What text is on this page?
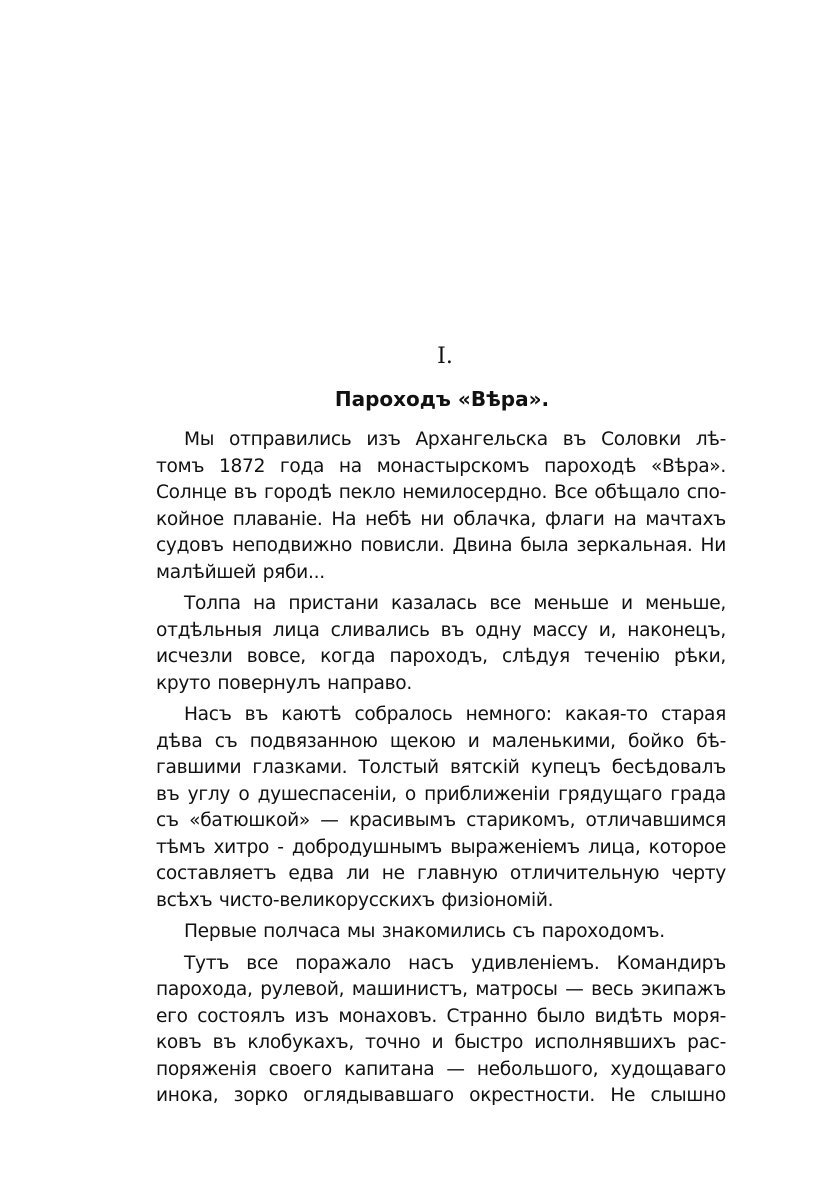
I.
Пароходъ «Вѣра».
Мы отправились изъ Архангельска въ Соловки лѣ-
томъ 1872 года на монастырскомъ пароходѣ «Вѣра».
Солнце въ городѣ пекло немилосердно. Все обѣщало спо-
койное плаваніе. На небѣ ни облачка, флаги на мачтахъ
судовъ неподвижно повисли. Двина была зеркальная. Ни
малѣйшей ряби...
Толпа на пристани казалась все меньше и меньше,
отдѣльныя лица сливались въ одну массу и, наконецъ,
исчезли вовсе, когда пароходъ, слѣдуя теченію рѣки,
круто повернулъ направо.
Насъ въ каютѣ собралось немного: какая-то старая
дѣва съ подвязанною щекою и маленькими, бойко бѣ-
гавшими глазками. Толстый вятскій купецъ бесѣдовалъ
въ углу о душеспасеніи, о приближеніи грядущаго града
съ «батюшкой» — красивымъ старикомъ, отличавшимся
тѣмъ хитро - добродушнымъ выраженіемъ лица, которое
составляетъ едва ли не главную отличительную черту
всѣхъ чисто-великорусскихъ физіономій.
Первые полчаса мы знакомились съ пароходомъ.
Тутъ все поражало насъ удивленіемъ. Командиръ
парохода, рулевой, машинистъ, матросы — весь экипажъ
его состоялъ изъ монаховъ. Странно было видѣть моря-
ковъ въ клобукахъ, точно и быстро исполнявшихъ рас-
поряженія своего капитана — небольшого, худощаваго
инока, зорко оглядывавшаго окрестности. Не слышно
